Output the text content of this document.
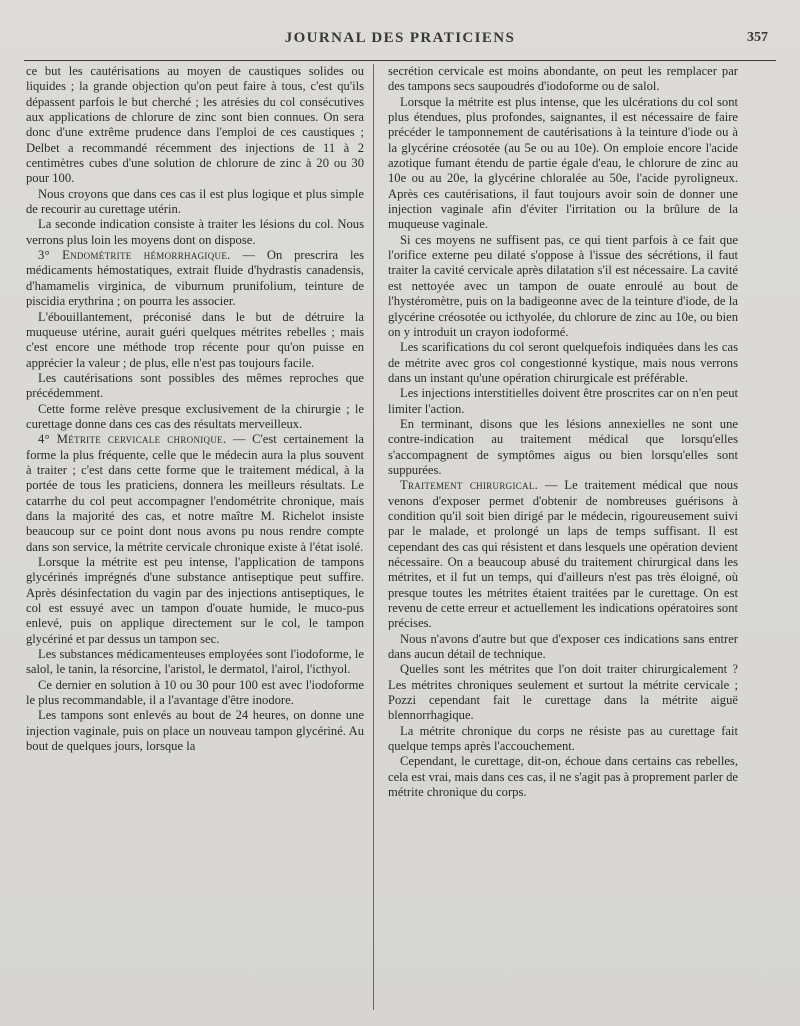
JOURNAL DES PRATICIENS	357

ce but les cautérisations au moyen de caustiques solides ou liquides ; la grande objection qu'on peut faire à tous, c'est qu'ils dépassent parfois le but cherché ; les atrésies du col consécutives aux applications de chlorure de zinc sont bien connues. On sera donc d'une extrême prudence dans l'emploi de ces caustiques ; Delbet a recommandé récemment des injections de 11 à 2 centimètres cubes d'une solution de chlorure de zinc à 20 ou 30 pour 100.

Nous croyons que dans ces cas il est plus logique et plus simple de recourir au curettage utérin.

La seconde indication consiste à traiter les lésions du col. Nous verrons plus loin les moyens dont on dispose.

3° Endométrite hémorrhagique. — On prescrira les médicaments hémostatiques, extrait fluide d'hydrastis canadensis, d'hamamelis virginica, de viburnum prunifolium, teinture de piscidia erythrina ; on pourra les associer.

L'ébouillantement, préconisé dans le but de détruire la muqueuse utérine, aurait guéri quelques métrites rebelles ; mais c'est encore une méthode trop récente pour qu'on puisse en apprécier la valeur ; de plus, elle n'est pas toujours facile.

Les cautérisations sont possibles des mêmes reproches que précédemment.

Cette forme relève presque exclusivement de la chirurgie ; le curettage donne dans ces cas des résultats merveilleux.

4° Métrite cervicale chronique. — C'est certainement la forme la plus fréquente, celle que le médecin aura la plus souvent à traiter ; c'est dans cette forme que le traitement médical, à la portée de tous les praticiens, donnera les meilleurs résultats. Le catarrhe du col peut accompagner l'endométrite chronique, mais dans la majorité des cas, et notre maître M. Richelot insiste beaucoup sur ce point dont nous avons pu nous rendre compte dans son service, la métrite cervicale chronique existe à l'état isolé.

Lorsque la métrite est peu intense, l'application de tampons glycérinés imprégnés d'une substance antiseptique peut suffire. Après désinfectation du vagin par des injections antiseptiques, le col est essuyé avec un tampon d'ouate humide, le muco-pus enlevé, puis on applique directement sur le col, le tampon glycériné et par dessus un tampon sec.

Les substances médicamenteuses employées sont l'iodoforme, le salol, le tanin, la résorcine, l'aristol, le dermatol, l'airol, l'icthyol.

Ce dernier en solution à 10 ou 30 pour 100 est avec l'iodoforme le plus recommandable, il a l'avantage d'être inodore.

Les tampons sont enlevés au bout de 24 heures, on donne une injection vaginale, puis on place un nouveau tampon glycériné. Au bout de quelques jours, lorsque la

secrétion cervicale est moins abondante, on peut les remplacer par des tampons secs saupoudrés d'iodoforme ou de salol.

Lorsque la métrite est plus intense, que les ulcérations du col sont plus étendues, plus profondes, saignantes, il est nécessaire de faire précéder le tamponnement de cautérisations à la teinture d'iode ou à la glycérine créosotée (au 5e ou au 10e). On emploie encore l'acide azotique fumant étendu de partie égale d'eau, le chlorure de zinc au 10e ou au 20e, la glycérine chloralée au 50e, l'acide pyroligneux. Après ces cautérisations, il faut toujours avoir soin de donner une injection vaginale afin d'éviter l'irritation ou la brûlure de la muqueuse vaginale.

Si ces moyens ne suffisent pas, ce qui tient parfois à ce fait que l'orifice externe peu dilaté s'oppose à l'issue des sécrétions, il faut traiter la cavité cervicale après dilatation s'il est nécessaire. La cavité est nettoyée avec un tampon de ouate enroulé au bout de l'hystéromètre, puis on la badigeonne avec de la teinture d'iode, de la glycérine créosotée ou icthyolée, du chlorure de zinc au 10e, ou bien on y introduit un crayon iodoformé.

Les scarifications du col seront quelquefois indiquées dans les cas de métrite avec gros col congestionné kystique, mais nous verrons dans un instant qu'une opération chirurgicale est préférable.

Les injections interstitielles doivent être proscrites car on n'en peut limiter l'action.

En terminant, disons que les lésions annexielles ne sont une contre-indication au traitement médical que lorsqu'elles s'accompagnent de symptômes aigus ou bien lorsqu'elles sont suppurées.

Traitement chirurgical. — Le traitement médical que nous venons d'exposer permet d'obtenir de nombreuses guérisons à condition qu'il soit bien dirigé par le médecin, rigoureusement suivi par le malade, et prolongé un laps de temps suffisant. Il est cependant des cas qui résistent et dans lesquels une opération devient nécessaire. On a beaucoup abusé du traitement chirurgical dans les métrites, et il fut un temps, qui d'ailleurs n'est pas très éloigné, où presque toutes les métrites étaient traitées par le curettage. On est revenu de cette erreur et actuellement les indications opératoires sont précises.

Nous n'avons d'autre but que d'exposer ces indications sans entrer dans aucun détail de technique.

Quelles sont les métrites que l'on doit traiter chirurgicalement ? Les métrites chroniques seulement et surtout la métrite cervicale ; Pozzi cependant fait le curettage dans la métrite aiguë blennorrhagique.

La métrite chronique du corps ne résiste pas au curettage fait quelque temps après l'accouchement.

Cependant, le curettage, dit-on, échoue dans certains cas rebelles, cela est vrai, mais dans ces cas, il ne s'agit pas à proprement parler de métrite chronique du corps.
